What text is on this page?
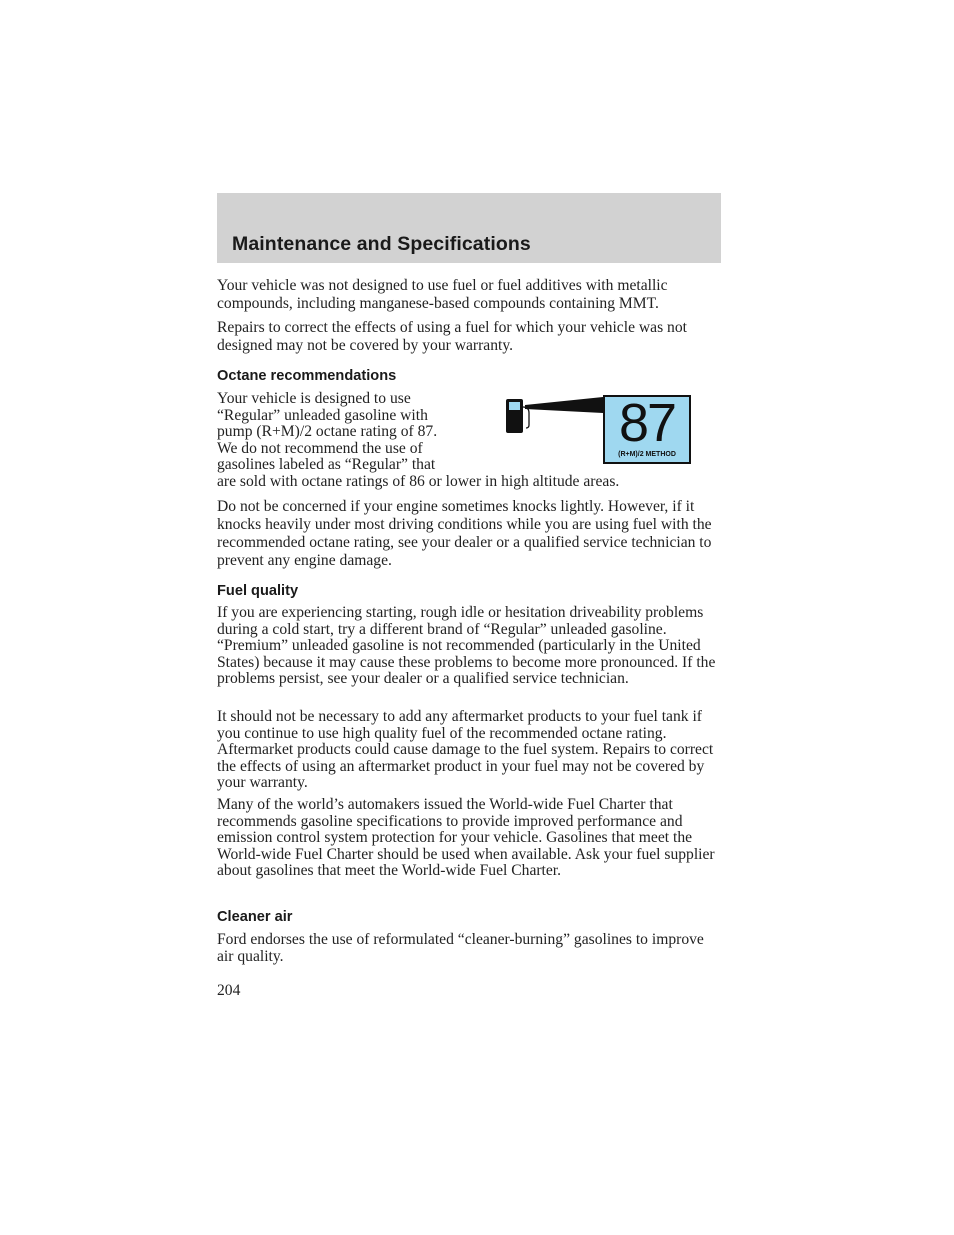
Maintenance and Specifications

Your vehicle was not designed to use fuel or fuel additives with metallic compounds, including manganese-based compounds containing MMT.

Repairs to correct the effects of using a fuel for which your vehicle was not designed may not be covered by your warranty.

Octane recommendations
Your vehicle is designed to use
“Regular” unleaded gasoline with
pump (R+M)/2 octane rating of 87.
We do not recommend the use of
gasolines labeled as “Regular” that
are sold with octane ratings of 86 or lower in high altitude areas.
87
(R+M)/2 METHOD

Do not be concerned if your engine sometimes knocks lightly. However, if it knocks heavily under most driving conditions while you are using fuel with the recommended octane rating, see your dealer or a qualified service technician to prevent any engine damage.

Fuel quality

If you are experiencing starting, rough idle or hesitation driveability problems during a cold start, try a different brand of “Regular” unleaded gasoline. “Premium” unleaded gasoline is not recommended (particularly in the United States) because it may cause these problems to become more pronounced. If the problems persist, see your dealer or a qualified service technician.

It should not be necessary to add any aftermarket products to your fuel tank if you continue to use high quality fuel of the recommended octane rating. Aftermarket products could cause damage to the fuel system. Repairs to correct the effects of using an aftermarket product in your fuel may not be covered by your warranty.

Many of the world’s automakers issued the World-wide Fuel Charter that recommends gasoline specifications to provide improved performance and emission control system protection for your vehicle. Gasolines that meet the World-wide Fuel Charter should be used when available. Ask your fuel supplier about gasolines that meet the World-wide Fuel Charter.

Cleaner air

Ford endorses the use of reformulated “cleaner-burning” gasolines to improve air quality.

204
